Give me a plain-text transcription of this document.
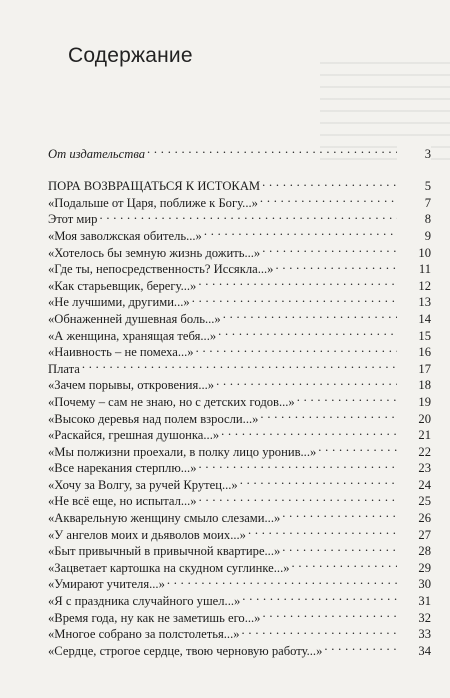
Содержание
От издательства . . .	3
ПОРА ВОЗВРАЩАТЬСЯ К ИСТОКАМ . . .	5
«Подальше от Царя, поближе к Богу...» . . .	7
Этот мир . . .	8
«Моя заволжская обитель...» . . .	9
«Хотелось бы земную жизнь дожить...» . . .	10
«Где ты, непосредственность? Иссякла...» . . .	11
«Как старьевщик, берегу...» . . .	12
«Не лучшими, другими...» . . .	13
«Обнаженней душевная боль...» . . .	14
«А женщина, хранящая тебя...» . . .	15
«Наивность – не помеха...» . . .	16
Плата . . .	17
«Зачем порывы, откровения...» . . .	18
«Почему – сам не знаю, но с детских годов...» . . .	19
«Высоко деревья над полем взросли...» . . .	20
«Раскайся, грешная душонка...» . . .	21
«Мы полжизни проехали, в полку лицо уронив...» . . .	22
«Все нарекания стерплю...» . . .	23
«Хочу за Волгу, за ручей Крутец...» . . .	24
«Не всё еще, но испытал...» . . .	25
«Акварельную женщину смыло слезами...» . . .	26
«У ангелов моих и дьяволов моих...» . . .	27
«Быт привычный в привычной квартире...» . . .	28
«Зацветает картошка на скудном суглинке...» . . .	29
«Умирают учителя...» . . .	30
«Я с праздника случайного ушел...» . . .	31
«Время года, ну как не заметишь его...» . . .	32
«Многое собрано за полстолетья...» . . .	33
«Сердце, строгое сердце, твою черновую работу...» . . .	34
